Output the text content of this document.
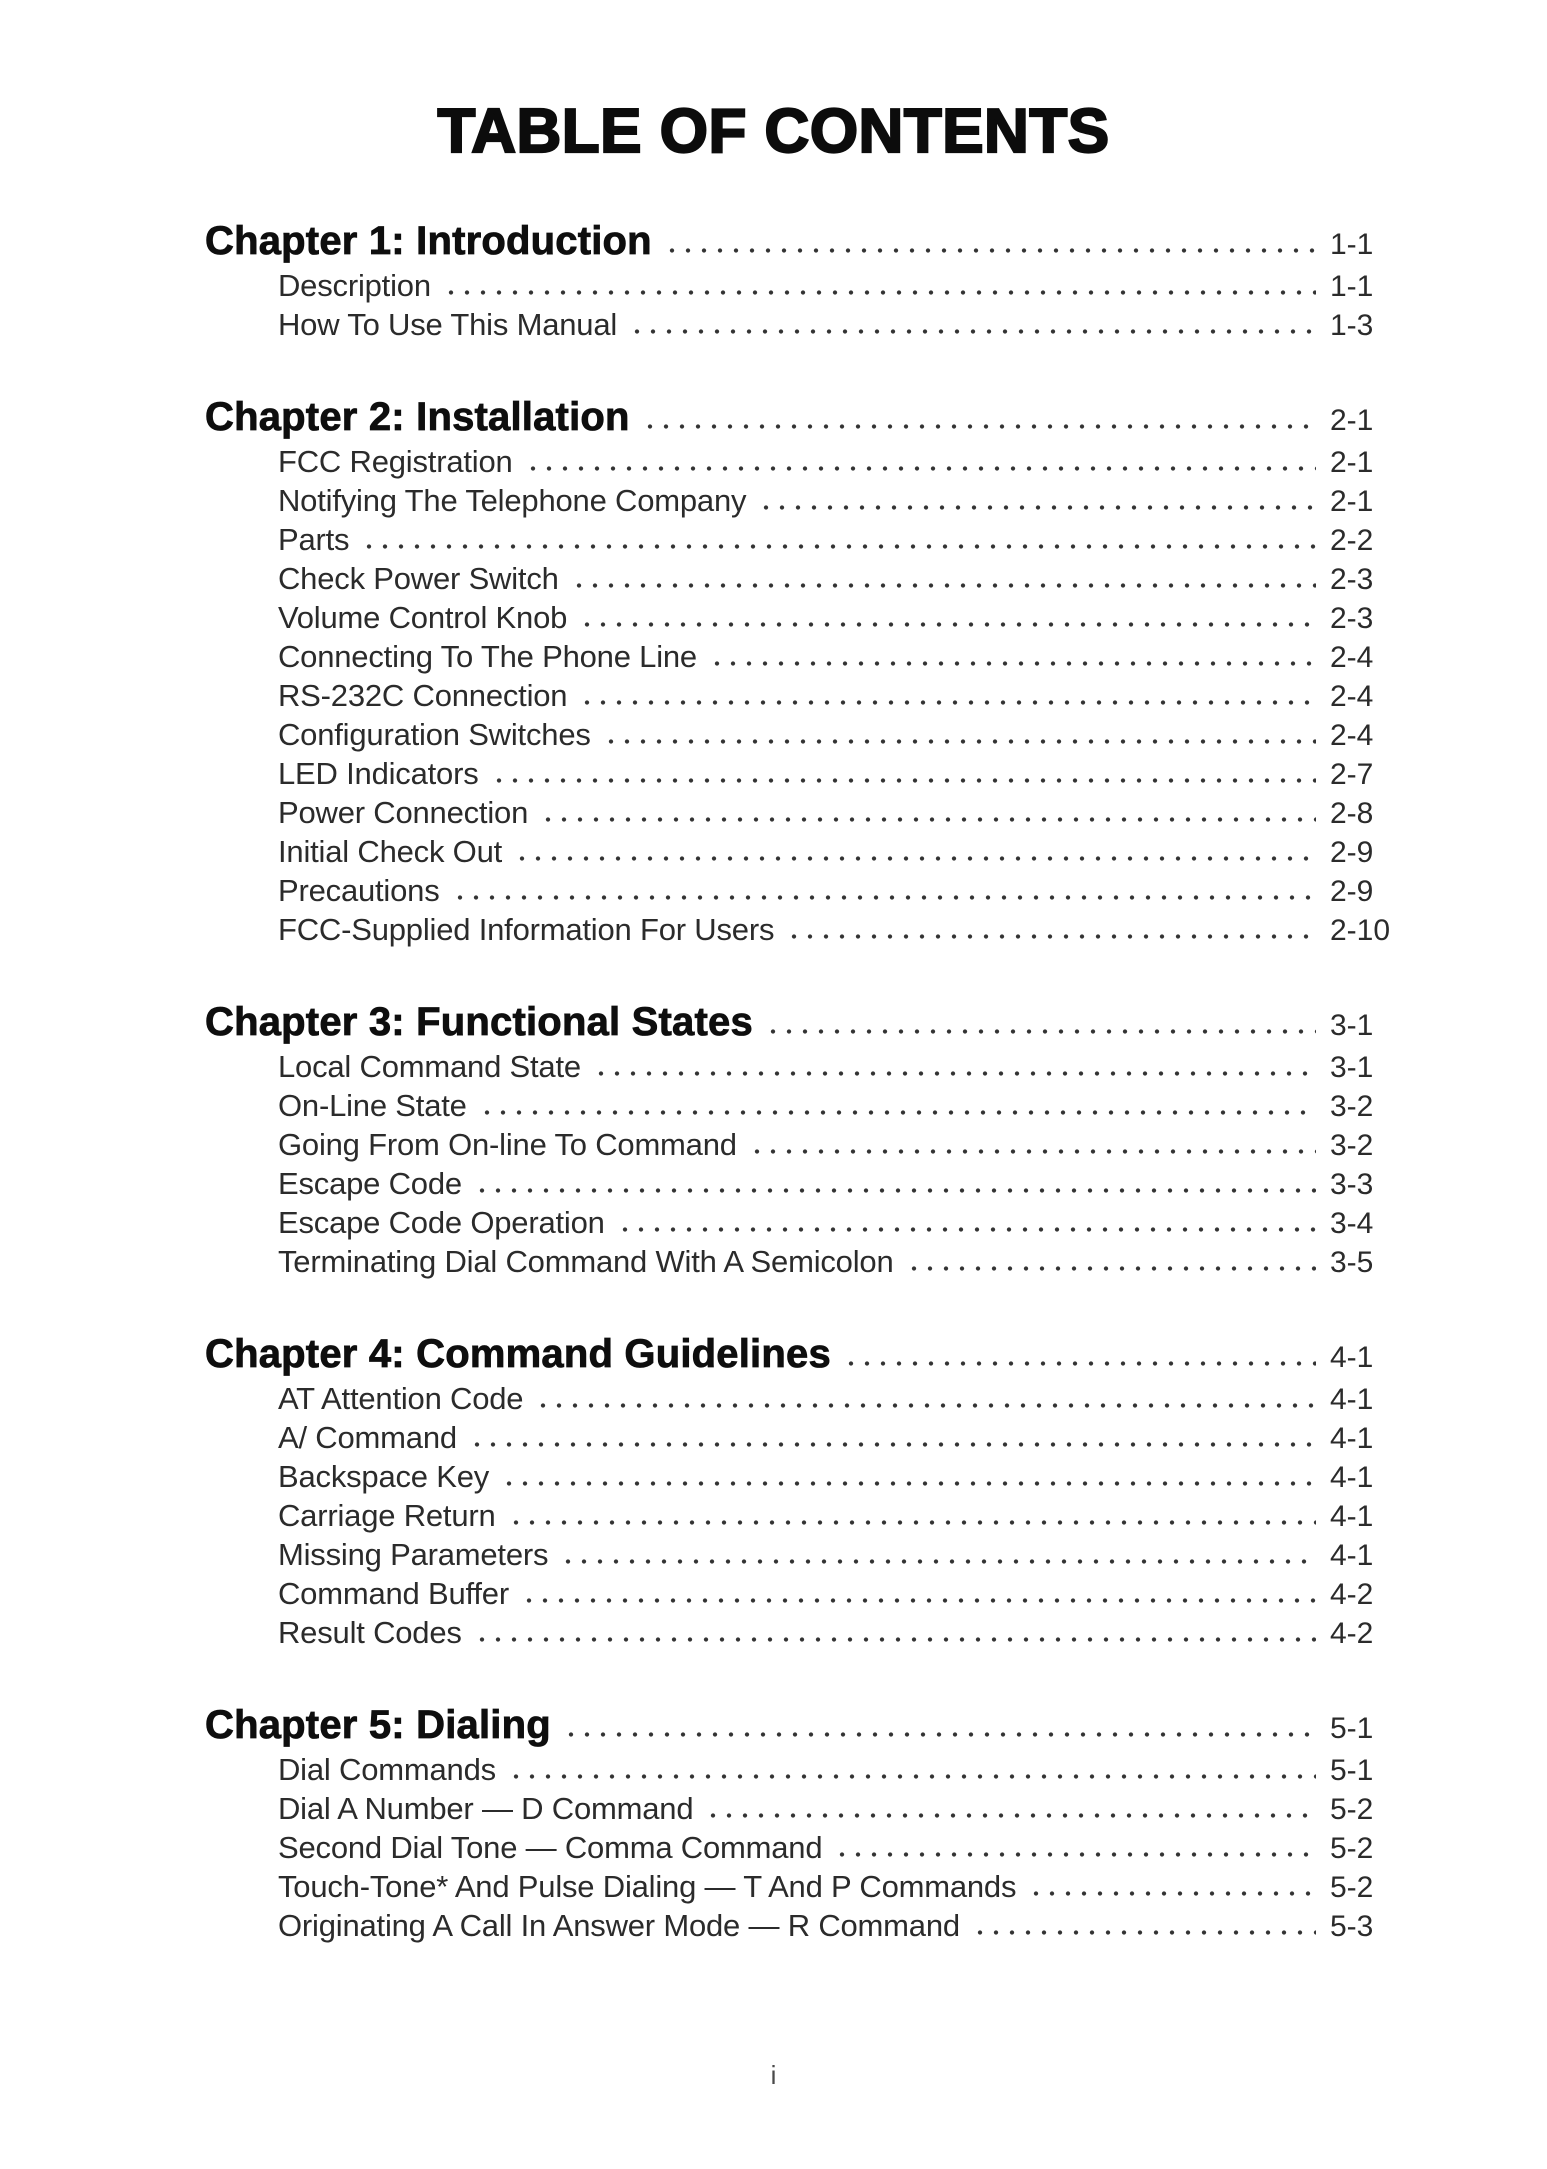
TABLE OF CONTENTS
Chapter 1: Introduction	1-1
Description	1-1
How To Use This Manual	1-3
Chapter 2: Installation	2-1
FCC Registration	2-1
Notifying The Telephone Company	2-1
Parts	2-2
Check Power Switch	2-3
Volume Control Knob	2-3
Connecting To The Phone Line	2-4
RS-232C Connection	2-4
Configuration Switches	2-4
LED Indicators	2-7
Power Connection	2-8
Initial Check Out	2-9
Precautions	2-9
FCC-Supplied Information For Users	2-10
Chapter 3: Functional States	3-1
Local Command State	3-1
On-Line State	3-2
Going From On-line To Command	3-2
Escape Code	3-3
Escape Code Operation	3-4
Terminating Dial Command With A Semicolon	3-5
Chapter 4: Command Guidelines	4-1
AT Attention Code	4-1
A/ Command	4-1
Backspace Key	4-1
Carriage Return	4-1
Missing Parameters	4-1
Command Buffer	4-2
Result Codes	4-2
Chapter 5: Dialing	5-1
Dial Commands	5-1
Dial A Number — D Command	5-2
Second Dial Tone — Comma Command	5-2
Touch-Tone* And Pulse Dialing — T And P Commands	5-2
Originating A Call In Answer Mode — R Command	5-3
i
